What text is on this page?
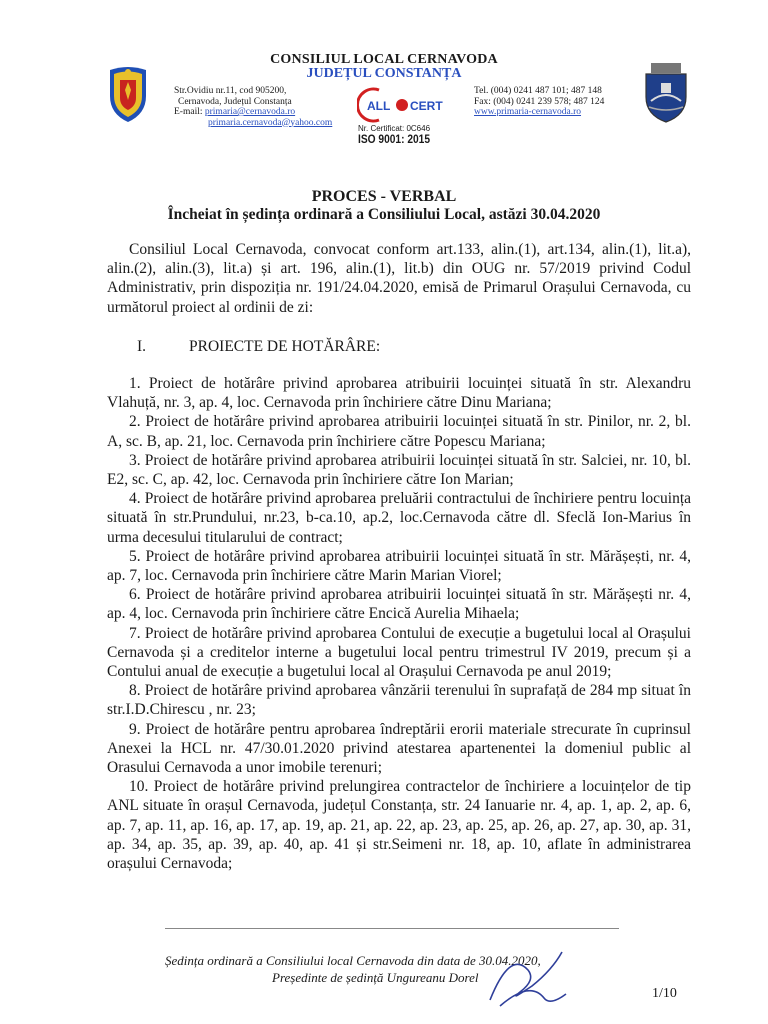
CONSILIUL LOCAL CERNAVODA
JUDEȚUL CONSTANȚA
Str.Ovidiu nr.11, cod 905200,
Cernavoda, Județul Constanța
E-mail: primaria@cernavoda.ro
primaria.cernavoda@yahoo.com
ALL CERT
Nr. Certificat: 0C646
ISO 9001: 2015
Tel. (004) 0241 487 101; 487 148
Fax: (004) 0241 239 578; 487 124
www.primaria-cernavoda.ro
PROCES - VERBAL
Încheiat în ședința ordinară a Consiliului Local, astăzi 30.04.2020

Consiliul Local Cernavoda, convocat conform art.133, alin.(1), art.134, alin.(1), lit.a), alin.(2), alin.(3), lit.a) și art. 196, alin.(1), lit.b) din OUG nr. 57/2019 privind Codul Administrativ, prin dispoziția nr. 191/24.04.2020, emisă de Primarul Orașului Cernavoda, cu următorul proiect al ordinii de zi:

I.	PROIECTE DE HOTĂRÂRE:

1. Proiect de hotărâre privind aprobarea atribuirii locuinței situată în str. Alexandru Vlahuță, nr. 3, ap. 4, loc. Cernavoda prin închiriere către Dinu Mariana;

2. Proiect de hotărâre privind aprobarea atribuirii locuinței situată în str. Pinilor, nr. 2, bl. A, sc. B, ap. 21, loc. Cernavoda prin închiriere către Popescu Mariana;

3. Proiect de hotărâre privind aprobarea atribuirii locuinței situată în str. Salciei, nr. 10, bl. E2, sc. C, ap. 42, loc. Cernavoda prin închiriere către Ion Marian;

4. Proiect de hotărâre privind aprobarea preluării contractului de închiriere pentru locuința situată în str.Prundului, nr.23, b-ca.10, ap.2, loc.Cernavoda către dl. Sfeclă Ion-Marius în urma decesului titularului de contract;

5. Proiect de hotărâre privind aprobarea atribuirii locuinței situată în str. Mărășești, nr. 4, ap. 7, loc. Cernavoda prin închiriere către Marin Marian Viorel;

6. Proiect de hotărâre privind aprobarea atribuirii locuinței situată în str. Mărășești nr. 4, ap. 4, loc. Cernavoda prin închiriere către Encică Aurelia Mihaela;

7. Proiect de hotărâre privind aprobarea Contului de execuție a bugetului local al Orașului Cernavoda și a creditelor interne a bugetului local pentru trimestrul IV 2019, precum și a Contului anual de execuție a bugetului local al Orașului Cernavoda pe anul 2019;

8. Proiect de hotărâre privind aprobarea vânzării terenului în suprafață de 284 mp situat în str.I.D.Chirescu , nr. 23;

9. Proiect de hotărâre pentru aprobarea îndreptării erorii materiale strecurate în cuprinsul Anexei la HCL nr. 47/30.01.2020 privind atestarea apartenentei la domeniul public al Orasului Cernavoda a unor imobile terenuri;

10. Proiect de hotărâre privind prelungirea contractelor de închiriere a locuințelor de tip ANL situate în orașul Cernavoda, județul Constanța, str. 24 Ianuarie nr. 4, ap. 1, ap. 2, ap. 6, ap. 7, ap. 11, ap. 16, ap. 17, ap. 19, ap. 21, ap. 22, ap. 23, ap. 25, ap. 26, ap. 27, ap. 30, ap. 31, ap. 34, ap. 35, ap. 39, ap. 40, ap. 41 și str.Seimeni nr. 18, ap. 10, aflate în administrarea orașului Cernavoda;

Ședința ordinară a Consiliului local Cernavoda din data de 30.04.2020,
Președinte de ședință Ungureanu Dorel
1/10
